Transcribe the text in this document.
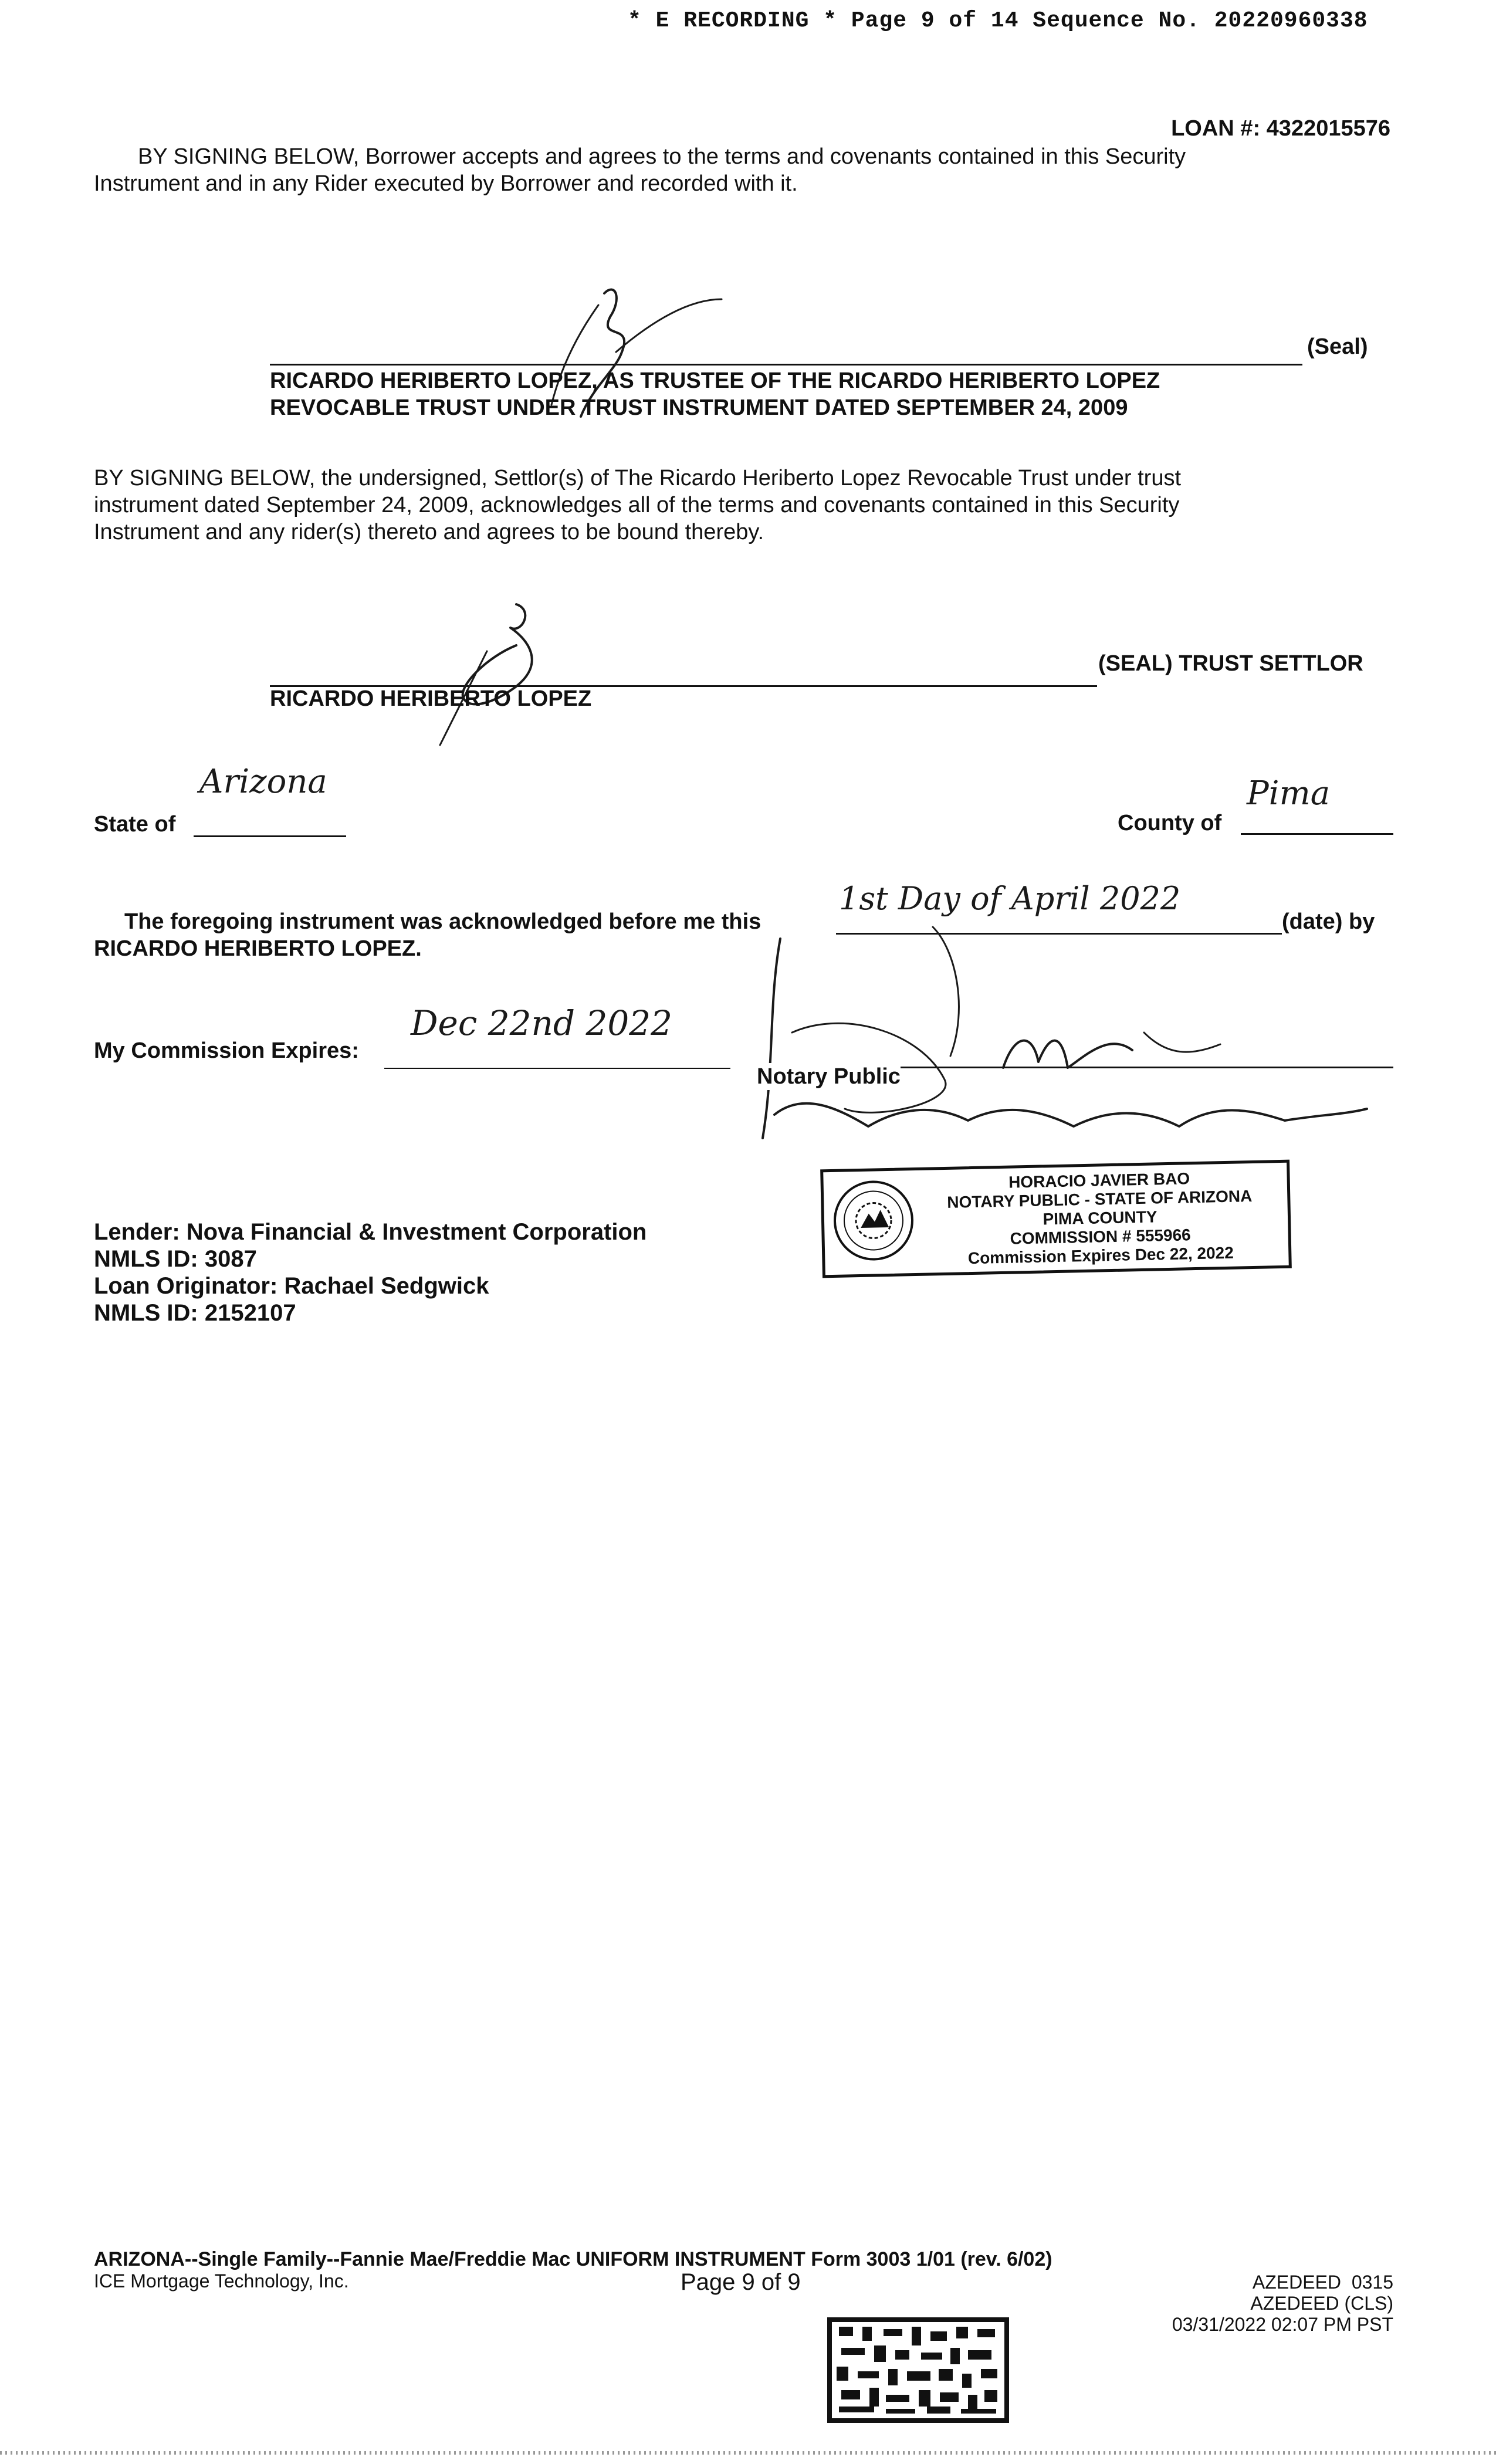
* E RECORDING * Page 9 of 14 Sequence No. 20220960338
LOAN #: 4322015576
BY SIGNING BELOW, Borrower accepts and agrees to the terms and covenants contained in this Security
Instrument and in any Rider executed by Borrower and recorded with it.
(Seal)
RICARDO HERIBERTO LOPEZ, AS TRUSTEE OF THE RICARDO HERIBERTO LOPEZ
REVOCABLE TRUST UNDER TRUST INSTRUMENT DATED SEPTEMBER 24, 2009
BY SIGNING BELOW, the undersigned, Settlor(s) of The Ricardo Heriberto Lopez Revocable Trust under trust
instrument dated September 24, 2009, acknowledges all of the terms and covenants contained in this Security
Instrument and any rider(s) thereto and agrees to be bound thereby.
(SEAL) TRUST SETTLOR
RICARDO HERIBERTO LOPEZ
State of
Arizona
County of
Pima
The foregoing instrument was acknowledged before me this
1st Day of April 2022
(date) by
RICARDO HERIBERTO LOPEZ.
My Commission Expires:
Dec 22nd 2022
Notary Public
HORACIO JAVIER BAO
NOTARY PUBLIC - STATE OF ARIZONA
PIMA COUNTY
COMMISSION # 555966
Commission Expires Dec 22, 2022
Lender: Nova Financial & Investment Corporation
NMLS ID: 3087
Loan Originator: Rachael Sedgwick
NMLS ID: 2152107
ARIZONA--Single Family--Fannie Mae/Freddie Mac UNIFORM INSTRUMENT Form 3003 1/01 (rev. 6/02)
ICE Mortgage Technology, Inc.	Page 9 of 9	AZEDEED  0315
AZEDEED (CLS)
03/31/2022 02:07 PM PST
